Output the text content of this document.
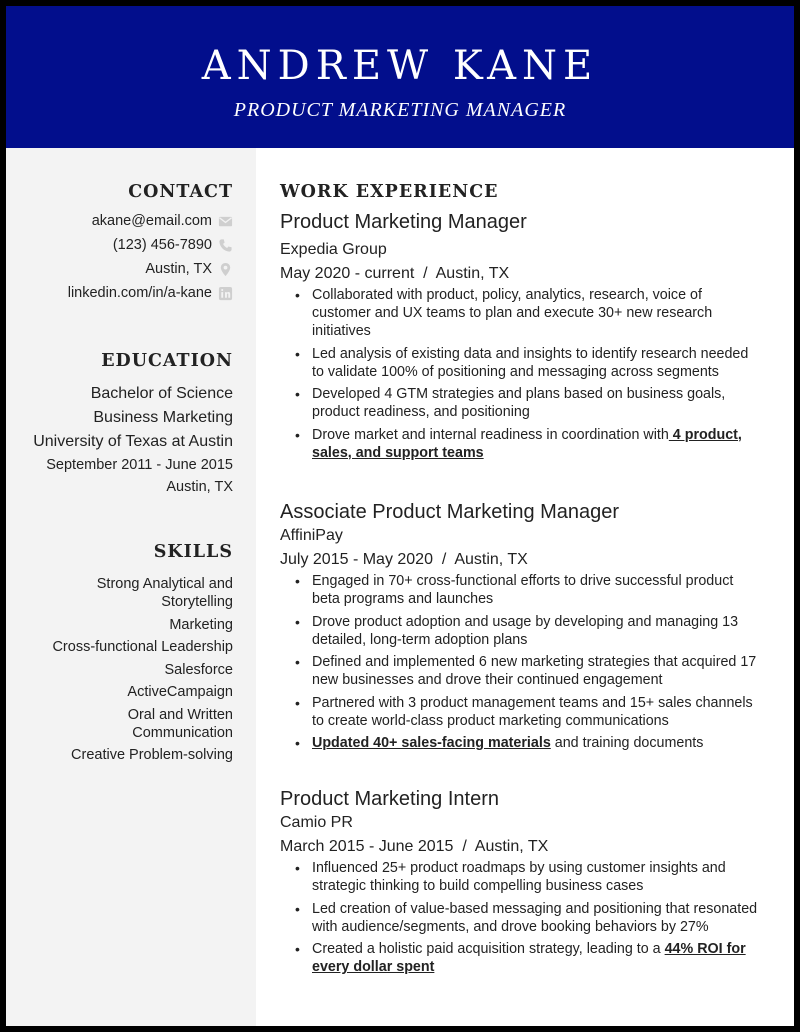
ANDREW KANE
PRODUCT MARKETING MANAGER
CONTACT
akane@email.com
(123) 456-7890
Austin, TX
linkedin.com/in/a-kane
EDUCATION
Bachelor of Science
Business Marketing
University of Texas at Austin
September 2011 - June 2015
Austin, TX
SKILLS
Strong Analytical and Storytelling
Marketing
Cross-functional Leadership
Salesforce
ActiveCampaign
Oral and Written Communication
Creative Problem-solving
WORK EXPERIENCE
Product Marketing Manager
Expedia Group
May 2020 - current  /  Austin, TX
• Collaborated with product, policy, analytics, research, voice of customer and UX teams to plan and execute 30+ new research initiatives
• Led analysis of existing data and insights to identify research needed to validate 100% of positioning and messaging across segments
• Developed 4 GTM strategies and plans based on business goals, product readiness, and positioning
• Drove market and internal readiness in coordination with 4 product, sales, and support teams
Associate Product Marketing Manager
AffiniPay
July 2015 - May 2020  /  Austin, TX
• Engaged in 70+ cross-functional efforts to drive successful product beta programs and launches
• Drove product adoption and usage by developing and managing 13 detailed, long-term adoption plans
• Defined and implemented 6 new marketing strategies that acquired 17 new businesses and drove their continued engagement
• Partnered with 3 product management teams and 15+ sales channels to create world-class product marketing communications
• Updated 40+ sales-facing materials and training documents
Product Marketing Intern
Camio PR
March 2015 - June 2015  /  Austin, TX
• Influenced 25+ product roadmaps by using customer insights and strategic thinking to build compelling business cases
• Led creation of value-based messaging and positioning that resonated with audience/segments, and drove booking behaviors by 27%
• Created a holistic paid acquisition strategy, leading to a 44% ROI for every dollar spent
